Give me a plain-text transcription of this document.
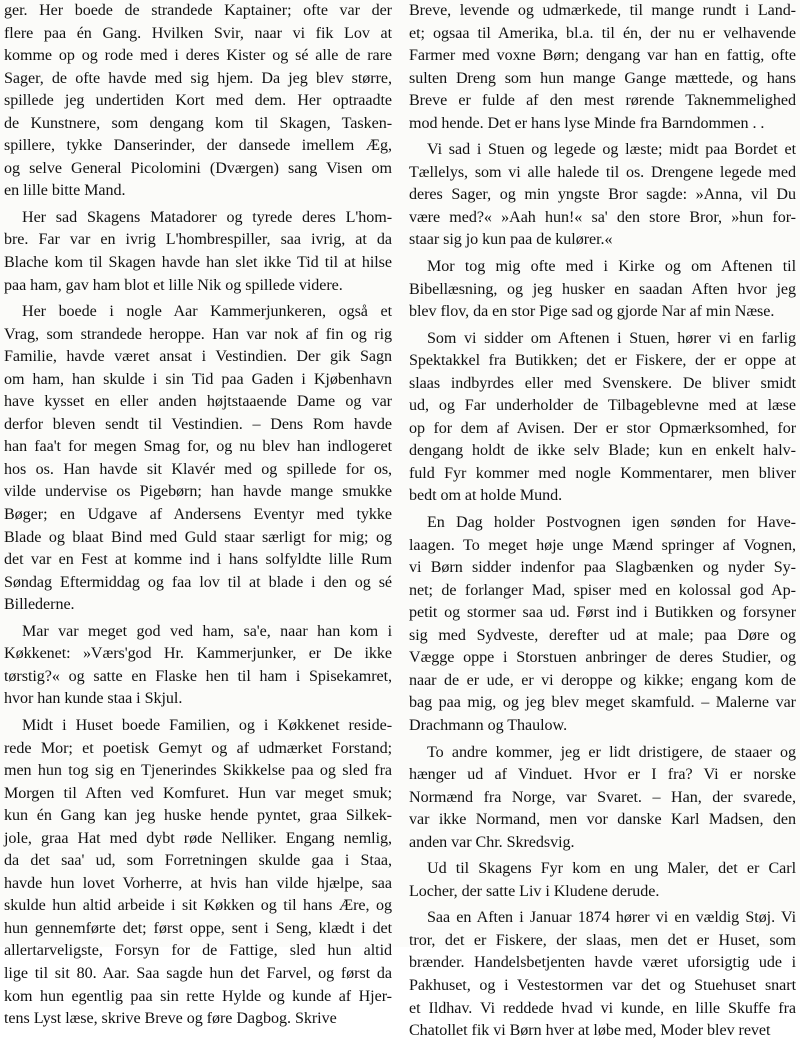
ger. Her boede de strandede Kaptainer; ofte var der
flere paa én Gang. Hvilken Svir, naar vi fik Lov at
komme op og rode med i deres Kister og sé alle de rare
Sager, de ofte havde med sig hjem. Da jeg blev større,
spillede jeg undertiden Kort med dem. Her optraadte
de Kunstnere, som dengang kom til Skagen, Tasken-
spillere, tykke Danserinder, der dansede imellem Æg,
og selve General Picolomini (Dværgen) sang Visen om
en lille bitte Mand.
Her sad Skagens Matadorer og tyrede deres L'hom-
bre. Far var en ivrig L'hombrespiller, saa ivrig, at da
Blache kom til Skagen havde han slet ikke Tid til at hilse
paa ham, gav ham blot et lille Nik og spillede videre.
Her boede i nogle Aar Kammerjunkeren, også et
Vrag, som strandede heroppe. Han var nok af fin og rig
Familie, havde været ansat i Vestindien. Der gik Sagn
om ham, han skulde i sin Tid paa Gaden i Kjøbenhavn
have kysset en eller anden højtstaaende Dame og var
derfor bleven sendt til Vestindien. – Dens Rom havde
han faa't for megen Smag for, og nu blev han indlogeret
hos os. Han havde sit Klavér med og spillede for os,
vilde undervise os Pigebørn; han havde mange smukke
Bøger; en Udgave af Andersens Eventyr med tykke
Blade og blaat Bind med Guld staar særligt for mig; og
det var en Fest at komme ind i hans solfyldte lille Rum
Søndag Eftermiddag og faa lov til at blade i den og sé
Billederne.
Mar var meget god ved ham, sa'e, naar han kom i
Køkkenet: »Værs'god Hr. Kammerjunker, er De ikke
tørstig?« og satte en Flaske hen til ham i Spisekamret,
hvor han kunde staa i Skjul.
Midt i Huset boede Familien, og i Køkkenet reside-
rede Mor; et poetisk Gemyt og af udmærket Forstand;
men hun tog sig en Tjenerindes Skikkelse paa og sled fra
Morgen til Aften ved Komfuret. Hun var meget smuk;
kun én Gang kan jeg huske hende pyntet, graa Silkek-
jole, graa Hat med dybt røde Nelliker. Engang nemlig,
da det saa' ud, som Forretningen skulde gaa i Staa,
havde hun lovet Vorherre, at hvis han vilde hjælpe, saa
skulde hun altid arbeide i sit Køkken og til hans Ære, og
hun gennemførte det; først oppe, sent i Seng, klædt i det
allertarveligste, Forsyn for de Fattige, sled hun altid
lige til sit 80. Aar. Saa sagde hun det Farvel, og først da
kom hun egentlig paa sin rette Hylde og kunde af Hjer-
tens Lyst læse, skrive Breve og føre Dagbog. Skrive
Breve, levende og udmærkede, til mange rundt i Land-
et; ogsaa til Amerika, bl.a. til én, der nu er velhavende
Farmer med voxne Børn; dengang var han en fattig, ofte
sulten Dreng som hun mange Gange mættede, og hans
Breve er fulde af den mest rørende Taknemmelighed
mod hende. Det er hans lyse Minde fra Barndommen . .
Vi sad i Stuen og legede og læste; midt paa Bordet et
Tællelys, som vi alle halede til os. Drengene legede med
deres Sager, og min yngste Bror sagde: »Anna, vil Du
være med?« »Aah hun!« sa' den store Bror, »hun for-
staar sig jo kun paa de kulører.«
Mor tog mig ofte med i Kirke og om Aftenen til
Bibellæsning, og jeg husker en saadan Aften hvor jeg
blev flov, da en stor Pige sad og gjorde Nar af min Næse.
Som vi sidder om Aftenen i Stuen, hører vi en farlig
Spektakkel fra Butikken; det er Fiskere, der er oppe at
slaas indbyrdes eller med Svenskere. De bliver smidt
ud, og Far underholder de Tilbageblevne med at læse
op for dem af Avisen. Der er stor Opmærksomhed, for
dengang holdt de ikke selv Blade; kun en enkelt halv-
fuld Fyr kommer med nogle Kommentarer, men bliver
bedt om at holde Mund.
En Dag holder Postvognen igen sønden for Have-
laagen. To meget høje unge Mænd springer af Vognen,
vi Børn sidder indenfor paa Slagbænken og nyder Sy-
net; de forlanger Mad, spiser med en kolossal god Ap-
petit og stormer saa ud. Først ind i Butikken og forsyner
sig med Sydveste, derefter ud at male; paa Døre og
Vægge oppe i Storstuen anbringer de deres Studier, og
naar de er ude, er vi deroppe og kikke; engang kom de
bag paa mig, og jeg blev meget skamfuld. – Malerne var
Drachmann og Thaulow.
To andre kommer, jeg er lidt dristigere, de staaer og
hænger ud af Vinduet. Hvor er I fra? Vi er norske
Normænd fra Norge, var Svaret. – Han, der svarede,
var ikke Normand, men vor danske Karl Madsen, den
anden var Chr. Skredsvig.
Ud til Skagens Fyr kom en ung Maler, det er Carl
Locher, der satte Liv i Kludene derude.
Saa en Aften i Januar 1874 hører vi en vældig Støj. Vi
tror, det er Fiskere, der slaas, men det er Huset, som
brænder. Handelsbetjenten havde været uforsigtig ude i
Pakhuset, og i Vestestormen var det og Stuehuset snart
et Ildhav. Vi reddede hvad vi kunde, en lille Skuffe fra
Chatollet fik vi Børn hver at løbe med, Moder blev revet
